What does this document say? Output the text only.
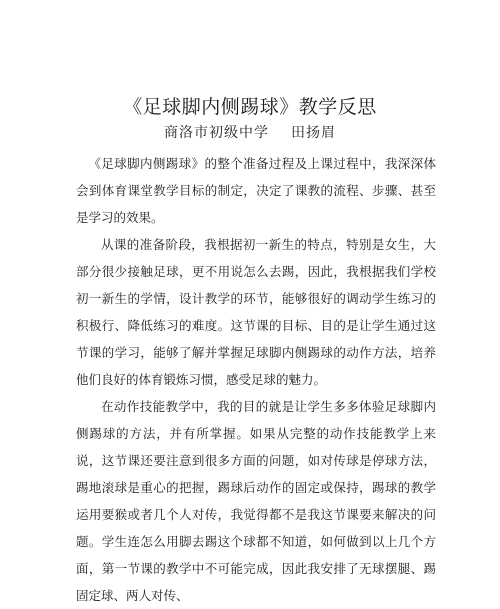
《足球脚内侧踢球》教学反思
商洛市初级中学 田扬眉

《足球脚内侧踢球》的整个准备过程及上课过程中，我深深体会到体育课堂教学目标的制定，决定了课教的流程、步骤、甚至是学习的效果。

从课的准备阶段，我根据初一新生的特点，特别是女生，大部分很少接触足球，更不用说怎么去踢，因此，我根据我们学校初一新生的学情，设计教学的环节，能够很好的调动学生练习的积极行、降低练习的难度。这节课的目标、目的是让学生通过这节课的学习，能够了解并掌握足球脚内侧踢球的动作方法，培养他们良好的体育锻炼习惯，感受足球的魅力。

在动作技能教学中，我的目的就是让学生多多体验足球脚内侧踢球的方法，并有所掌握。如果从完整的动作技能教学上来说，这节课还要注意到很多方面的问题，如对传球是停球方法，踢地滚球是重心的把握，踢球后动作的固定或保持，踢球的教学运用要猴或者几个人对传，我觉得都不是我这节课要来解决的问题。学生连怎么用脚去踢这个球都不知道，如何做到以上几个方面，第一节课的教学中不可能完成，因此我安排了无球摆腿、踢固定球、两人对传、
